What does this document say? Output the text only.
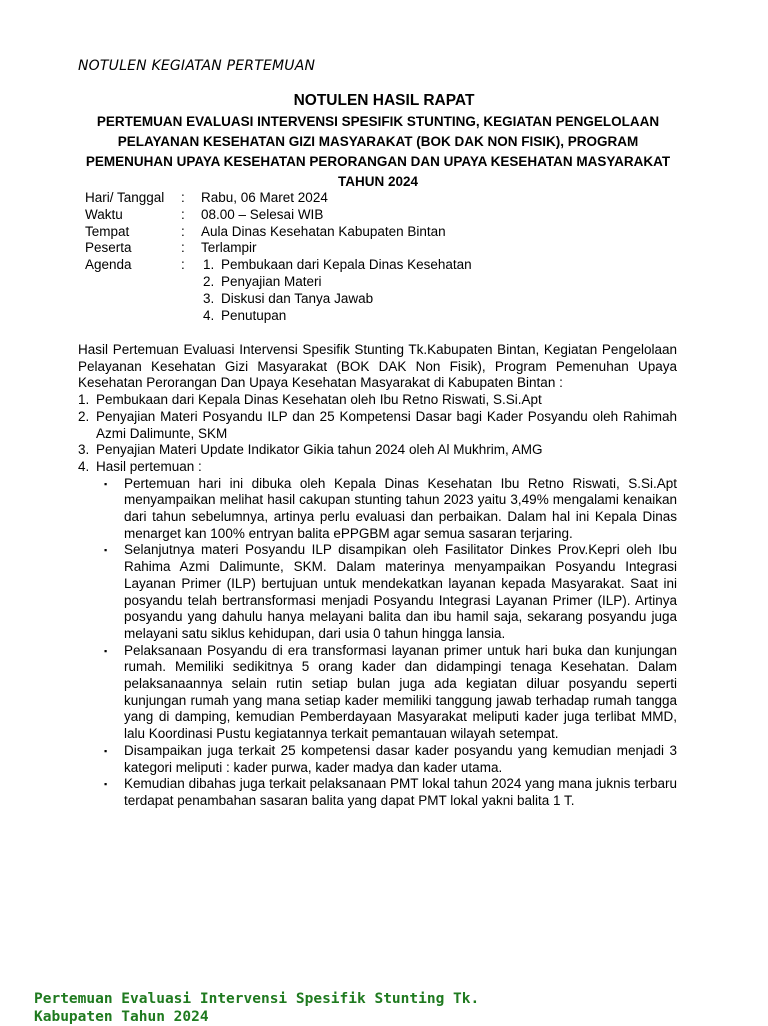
NOTULEN KEGIATAN PERTEMUAN
NOTULEN HASIL RAPAT
PERTEMUAN EVALUASI INTERVENSI SPESIFIK STUNTING, KEGIATAN PENGELOLAAN PELAYANAN KESEHATAN GIZI MASYARAKAT (BOK DAK NON FISIK), PROGRAM PEMENUHAN UPAYA KESEHATAN PERORANGAN DAN UPAYA KESEHATAN MASYARAKAT TAHUN 2024
Hari/ Tanggal	:	Rabu, 06 Maret 2024
Waktu	:	08.00 – Selesai WIB
Tempat	:	Aula Dinas Kesehatan Kabupaten Bintan
Peserta	:	Terlampir
Agenda	:	1. Pembukaan dari Kepala Dinas Kesehatan
2. Penyajian Materi
3. Diskusi dan Tanya Jawab
4. Penutupan

Hasil Pertemuan Evaluasi Intervensi Spesifik Stunting Tk.Kabupaten Bintan, Kegiatan Pengelolaan Pelayanan Kesehatan Gizi Masyarakat (BOK DAK Non Fisik), Program Pemenuhan Upaya Kesehatan Perorangan Dan Upaya Kesehatan Masyarakat di Kabupaten Bintan :

1. Pembukaan dari Kepala Dinas Kesehatan oleh Ibu Retno Riswati, S.Si.Apt
2. Penyajian Materi Posyandu ILP dan 25 Kompetensi Dasar bagi Kader Posyandu oleh Rahimah Azmi Dalimunte, SKM
3. Penyajian Materi Update Indikator Gikia tahun 2024 oleh Al Mukhrim, AMG
4. Hasil pertemuan :
▪	Pertemuan hari ini dibuka oleh Kepala Dinas Kesehatan Ibu Retno Riswati, S.Si.Apt menyampaikan melihat hasil cakupan stunting tahun 2023 yaitu 3,49% mengalami kenaikan dari tahun sebelumnya, artinya perlu evaluasi dan perbaikan. Dalam hal ini Kepala Dinas menarget kan 100% entryan balita ePPGBM agar semua sasaran terjaring.
▪	Selanjutnya materi Posyandu ILP disampikan oleh Fasilitator Dinkes Prov.Kepri oleh Ibu Rahima Azmi Dalimunte, SKM. Dalam materinya menyampaikan Posyandu Integrasi Layanan Primer (ILP) bertujuan untuk mendekatkan layanan kepada Masyarakat. Saat ini posyandu telah bertransformasi menjadi Posyandu Integrasi Layanan Primer (ILP). Artinya posyandu yang dahulu hanya melayani balita dan ibu hamil saja, sekarang posyandu juga melayani satu siklus kehidupan, dari usia 0 tahun hingga lansia.
▪	Pelaksanaan Posyandu di era transformasi layanan primer untuk hari buka dan kunjungan rumah. Memiliki sedikitnya 5 orang kader dan didampingi tenaga Kesehatan. Dalam pelaksanaannya selain rutin setiap bulan juga ada kegiatan diluar posyandu seperti kunjungan rumah yang mana setiap kader memiliki tanggung jawab terhadap rumah tangga yang di damping, kemudian Pemberdayaan Masyarakat meliputi kader juga terlibat MMD, lalu Koordinasi Pustu kegiatannya terkait pemantauan wilayah setempat.
▪	Disampaikan juga terkait 25 kompetensi dasar kader posyandu yang kemudian menjadi 3 kategori meliputi : kader purwa, kader madya dan kader utama.
▪	Kemudian dibahas juga terkait pelaksanaan PMT lokal tahun 2024 yang mana juknis terbaru terdapat penambahan sasaran balita yang dapat PMT lokal yakni balita 1 T.
Pertemuan Evaluasi Intervensi Spesifik Stunting Tk.
Kabupaten Tahun 2024
